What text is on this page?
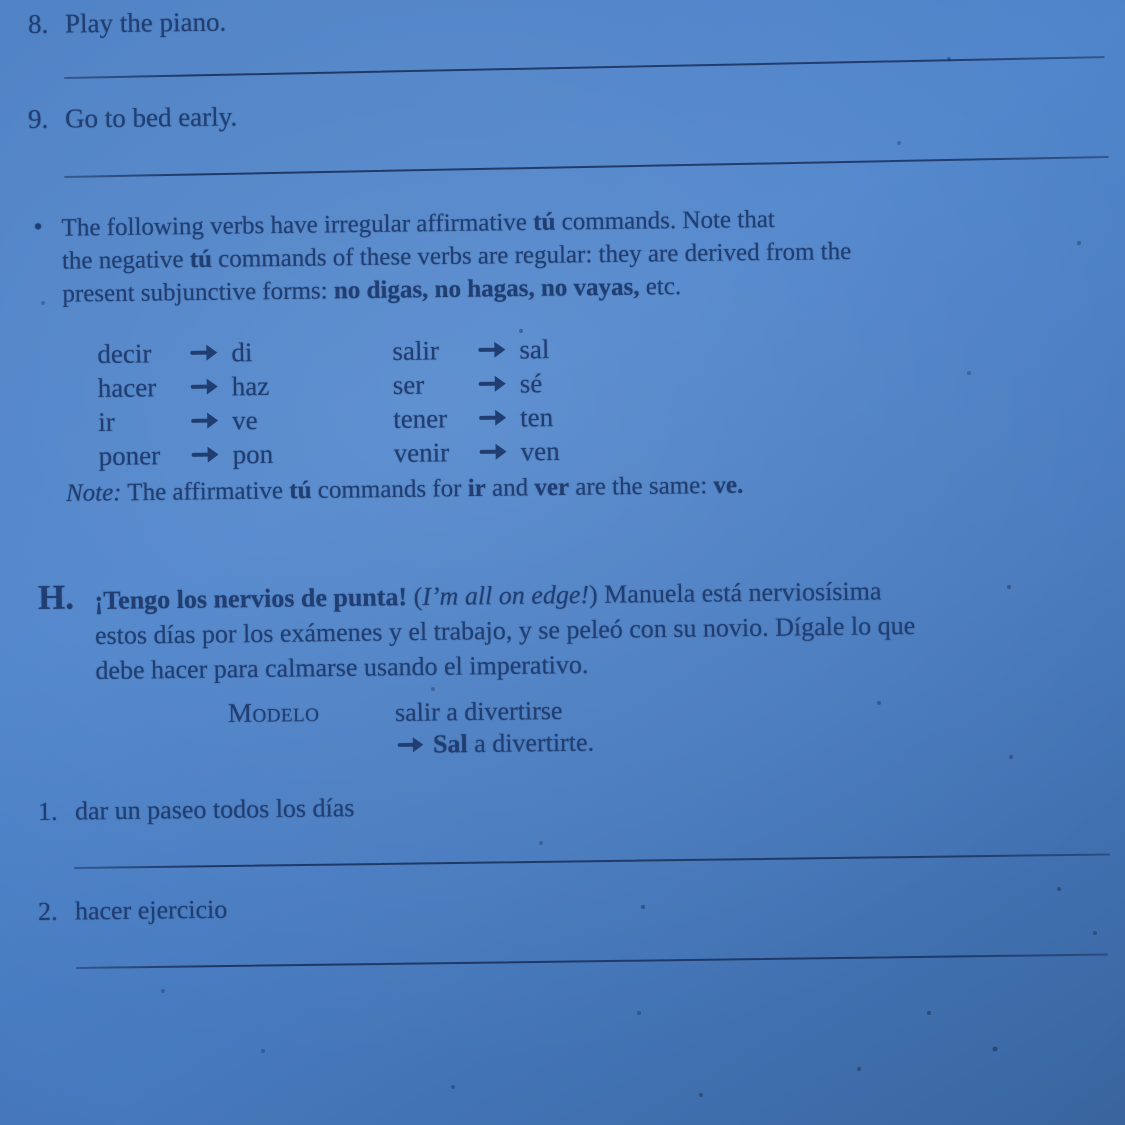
8. Play the piano.
9. Go to bed early.
• The following verbs have irregular affirmative tú commands. Note that
the negative tú commands of these verbs are regular: they are derived from the
present subjunctive forms: no digas, no hagas, no vayas, etc.
decir	di
hacer	haz
ir	ve
poner	pon
salir	sal
ser	sé
tener	ten
venir	ven
Note: The affirmative tú commands for ir and ver are the same: ve.
H. ¡Tengo los nervios de punta! (I’m all on edge!) Manuela está nerviosísima
estos días por los exámenes y el trabajo, y se peleó con su novio. Dígale lo que
debe hacer para calmarse usando el imperativo.
Modelo	salir a divertirse
Sal a divertirte.
1. dar un paseo todos los días
2. hacer ejercicio
